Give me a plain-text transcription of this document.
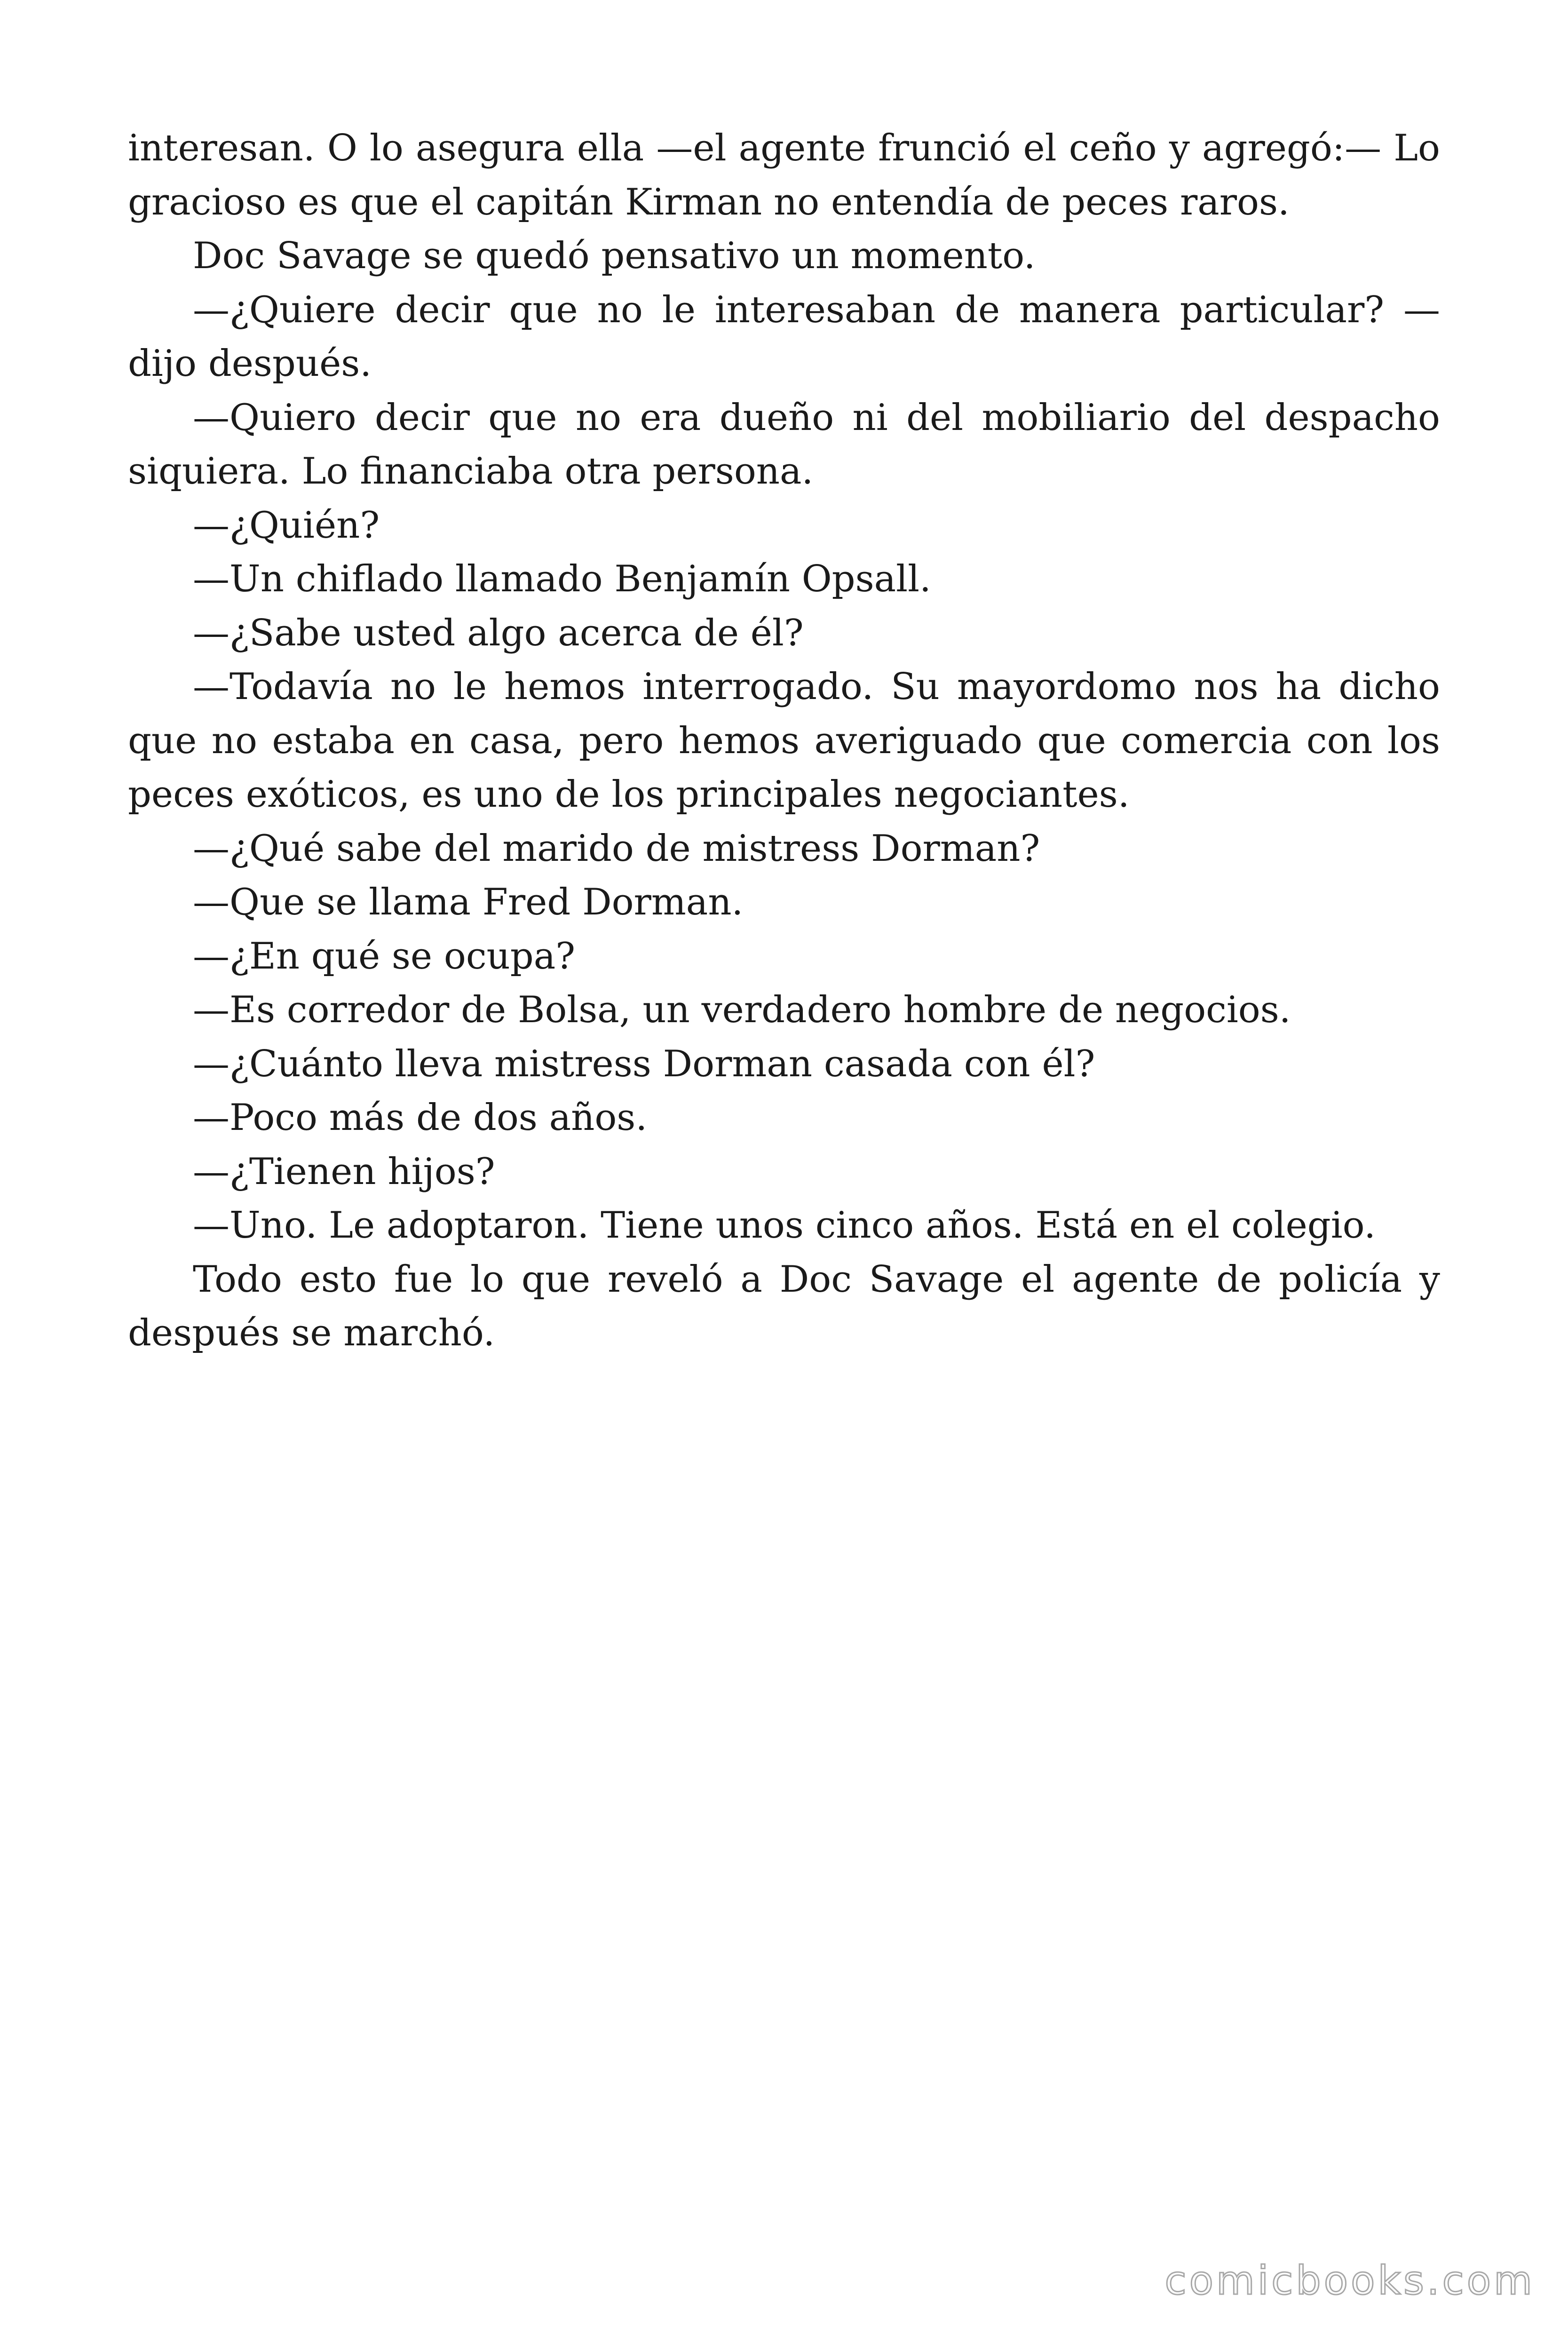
interesan. O lo asegura ella —el agente frunció el ceño y agregó:— Lo gracioso es que el capitán Kirman no entendía de peces raros.

Doc Savage se quedó pensativo un momento.

—¿Quiere decir que no le interesaban de manera particular? — dijo después.

—Quiero decir que no era dueño ni del mobiliario del despacho siquiera. Lo financiaba otra persona.

—¿Quién?

—Un chiflado llamado Benjamín Opsall.

—¿Sabe usted algo acerca de él?

—Todavía no le hemos interrogado. Su mayordomo nos ha dicho que no estaba en casa, pero hemos averiguado que comercia con los peces exóticos, es uno de los principales negociantes.

—¿Qué sabe del marido de mistress Dorman?

—Que se llama Fred Dorman.

—¿En qué se ocupa?

—Es corredor de Bolsa, un verdadero hombre de negocios.

—¿Cuánto lleva mistress Dorman casada con él?

—Poco más de dos años.

—¿Tienen hijos?

—Uno. Le adoptaron. Tiene unos cinco años. Está en el colegio.

Todo esto fue lo que reveló a Doc Savage el agente de policía y después se marchó.

comicbooks.com
